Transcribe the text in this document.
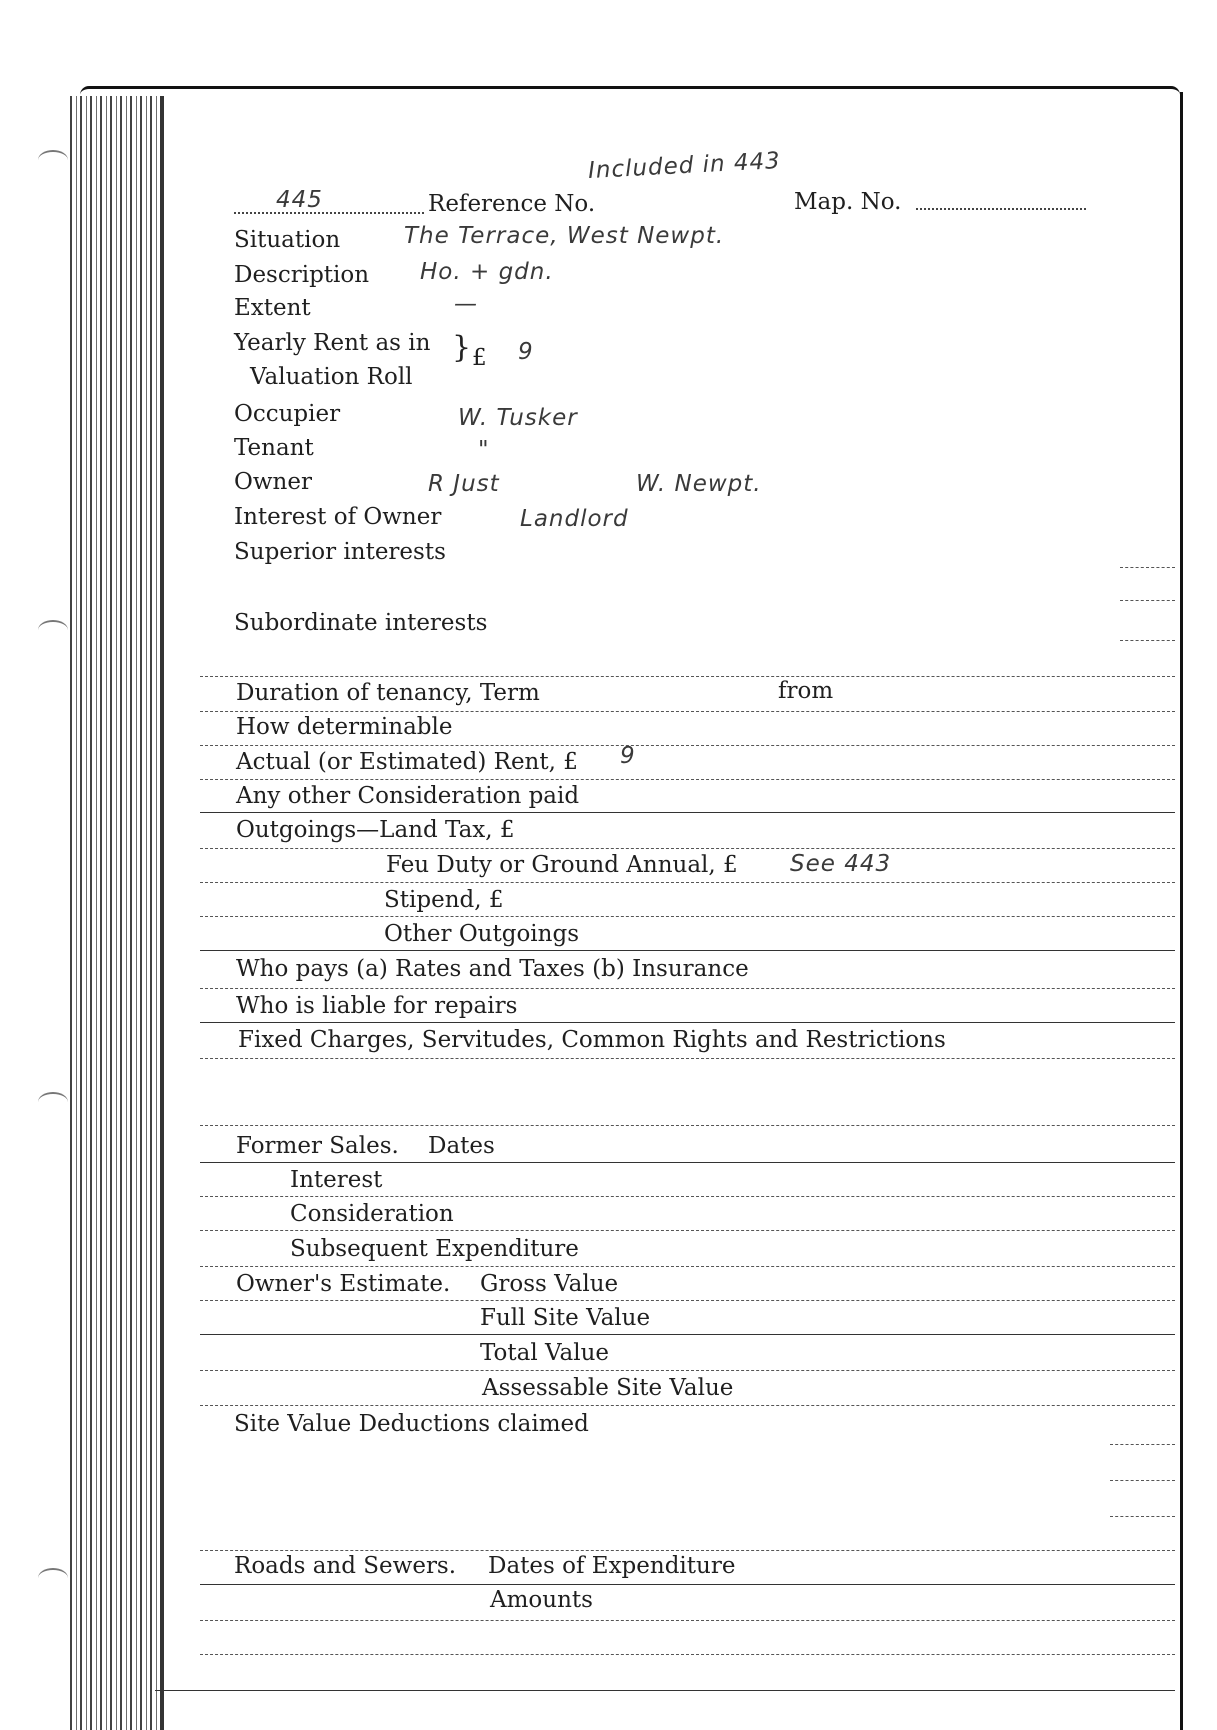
Included in 443
445	Reference No.	Map. No.
Situation	The Terrace, West Newpt.
Description Ho. + gdn.
Extent	—
Yearly Rent as in
Valuation Roll
} £ 9
Occupier	W. Tusker
Tenant	"
Owner	R Just	W. Newpt.
Interest of Owner	Landlord
Superior interests
Subordinate interests
Duration of tenancy, Term	from
How determinable
Actual (or Estimated) Rent, £ 9
Any other Consideration paid
Outgoings—Land Tax, £
Feu Duty or Ground Annual, £ See 443
Stipend, £
Other Outgoings
Who pays (a) Rates and Taxes (b) Insurance
Who is liable for repairs
Fixed Charges, Servitudes, Common Rights and Restrictions
Former Sales. Dates
Interest
Consideration
Subsequent Expenditure
Owner's Estimate. Gross Value
Full Site Value
Total Value
Assessable Site Value
Site Value Deductions claimed
Roads and Sewers. Dates of Expenditure
Amounts
